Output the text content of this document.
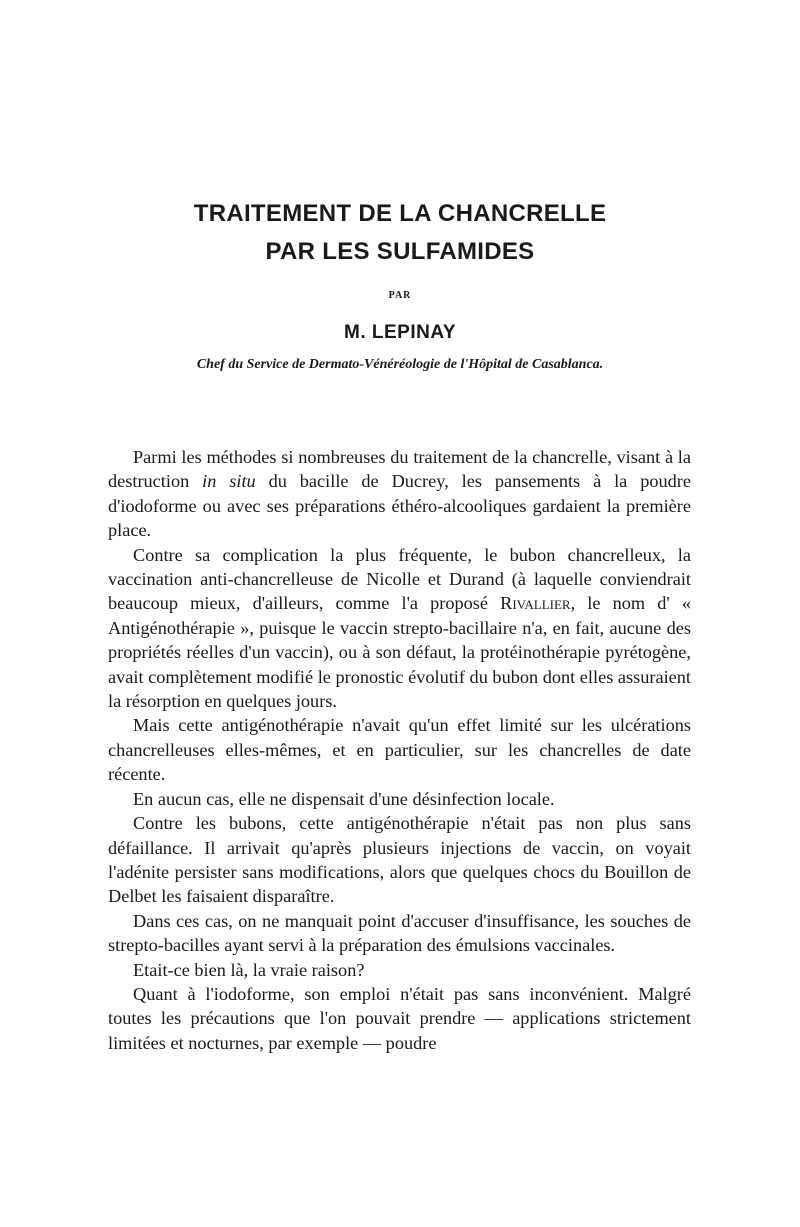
TRAITEMENT DE LA CHANCRELLE
PAR LES SULFAMIDES
PAR
M. LEPINAY
Chef du Service de Dermato-Vénéréologie de l'Hôpital de Casablanca.

Parmi les méthodes si nombreuses du traitement de la chancrelle, visant à la destruction in situ du bacille de Ducrey, les pansements à la poudre d'iodoforme ou avec ses préparations éthéro-alcooliques gardaient la première place.

Contre sa complication la plus fréquente, le bubon chancrelleux, la vaccination anti-chancrelleuse de Nicolle et Durand (à laquelle conviendrait beaucoup mieux, d'ailleurs, comme l'a proposé Rivallier, le nom d' « Antigénothérapie », puisque le vaccin strepto-bacillaire n'a, en fait, aucune des propriétés réelles d'un vaccin), ou à son défaut, la protéinothérapie pyrétogène, avait complètement modifié le pronostic évolutif du bubon dont elles assuraient la résorption en quelques jours.

Mais cette antigénothérapie n'avait qu'un effet limité sur les ulcérations chancrelleuses elles-mêmes, et en particulier, sur les chancrelles de date récente.

En aucun cas, elle ne dispensait d'une désinfection locale.

Contre les bubons, cette antigénothérapie n'était pas non plus sans défaillance. Il arrivait qu'après plusieurs injections de vaccin, on voyait l'adénite persister sans modifications, alors que quelques chocs du Bouillon de Delbet les faisaient disparaître.

Dans ces cas, on ne manquait point d'accuser d'insuffisance, les souches de strepto-bacilles ayant servi à la préparation des émulsions vaccinales.

Etait-ce bien là, la vraie raison?

Quant à l'iodoforme, son emploi n'était pas sans inconvénient. Malgré toutes les précautions que l'on pouvait prendre — applications strictement limitées et nocturnes, par exemple — poudre
